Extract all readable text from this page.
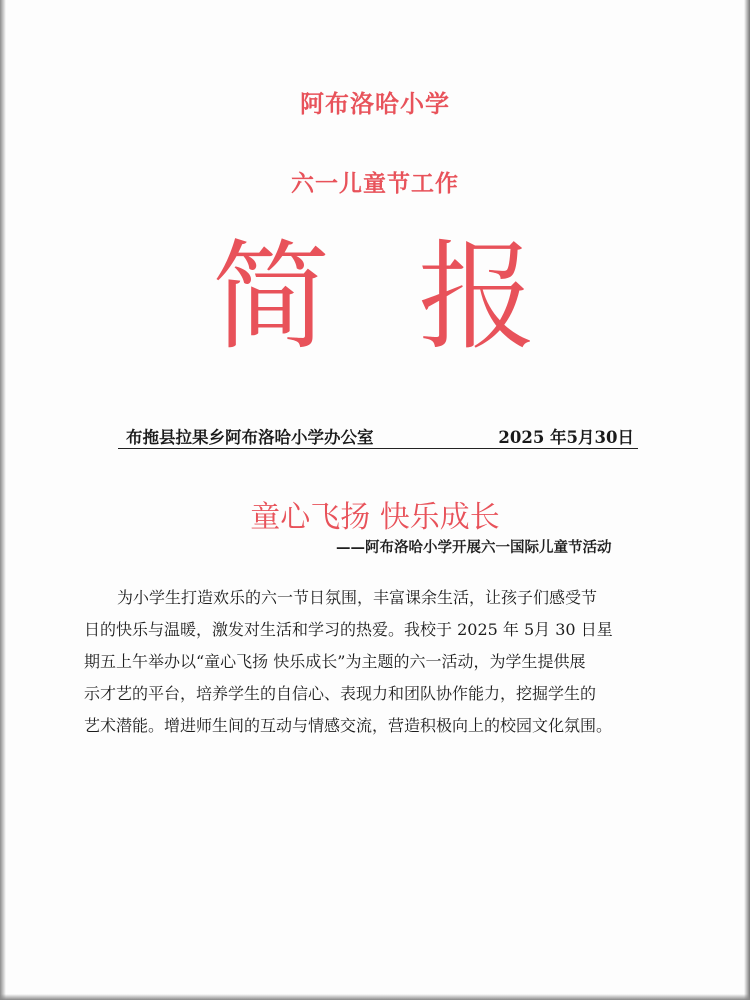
阿布洛哈小学
六一儿童节工作
简 报
布拖县拉果乡阿布洛哈小学办公室	2025 年5月30日
童心飞扬 快乐成长
——阿布洛哈小学开展六一国际儿童节活动
为小学生打造欢乐的六一节日氛围，丰富课余生活，让孩子们感受节
日的快乐与温暖，激发对生活和学习的热爱。我校于 2025 年 5月 30 日星
期五上午举办以“童心飞扬 快乐成长”为主题的六一活动，为学生提供展
示才艺的平台，培养学生的自信心、表现力和团队协作能力，挖掘学生的
艺术潜能。增进师生间的互动与情感交流，营造积极向上的校园文化氛围。
